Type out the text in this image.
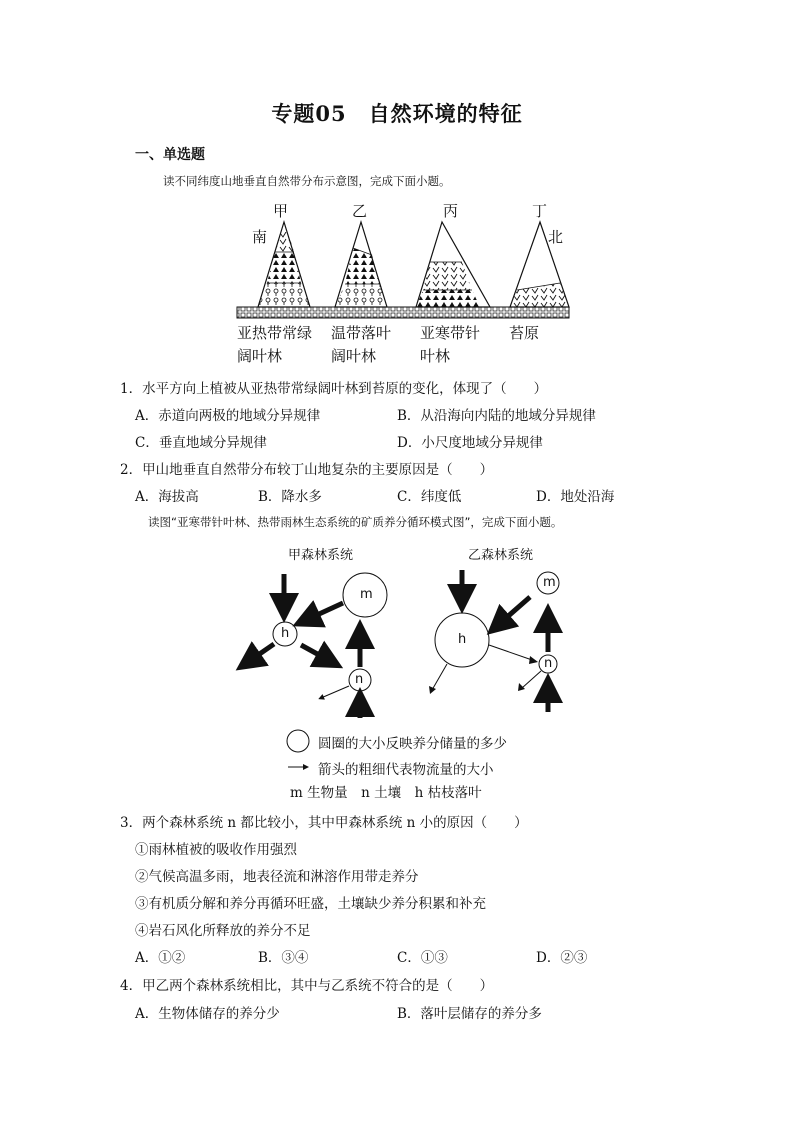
专题05　自然环境的特征
一、单选题
读不同纬度山地垂直自然带分布示意图，完成下面小题。
甲	乙	丙	丁
南	北
亚热带常绿
阔叶林
温带落叶
阔叶林
亚寒带针
叶林
苔原
1．水平方向上植被从亚热带常绿阔叶林到苔原的变化，体现了（　　）
A．赤道向两极的地域分异规律	B．从沿海向内陆的地域分异规律
C．垂直地域分异规律	D．小尺度地域分异规律
2．甲山地垂直自然带分布较丁山地复杂的主要原因是（　　）
A．海拔高	B．降水多	C．纬度低	D．地处沿海
读图“亚寒带针叶林、热带雨林生态系统的矿质养分循环模式图”，完成下面小题。
甲森林系统	乙森林系统
m
h
n
m
h
n
圆圈的大小反映养分储量的多少
箭头的粗细代表物流量的大小
m 生物量　n 土壤　h 枯枝落叶
3．两个森林系统 n 都比较小，其中甲森林系统 n 小的原因（　　）
①雨林植被的吸收作用强烈
②气候高温多雨，地表径流和淋溶作用带走养分
③有机质分解和养分再循环旺盛，土壤缺少养分积累和补充
④岩石风化所释放的养分不足
A．①②	B．③④	C．①③	D．②③
4．甲乙两个森林系统相比，其中与乙系统不符合的是（　　）
A．生物体储存的养分少	B．落叶层储存的养分多
